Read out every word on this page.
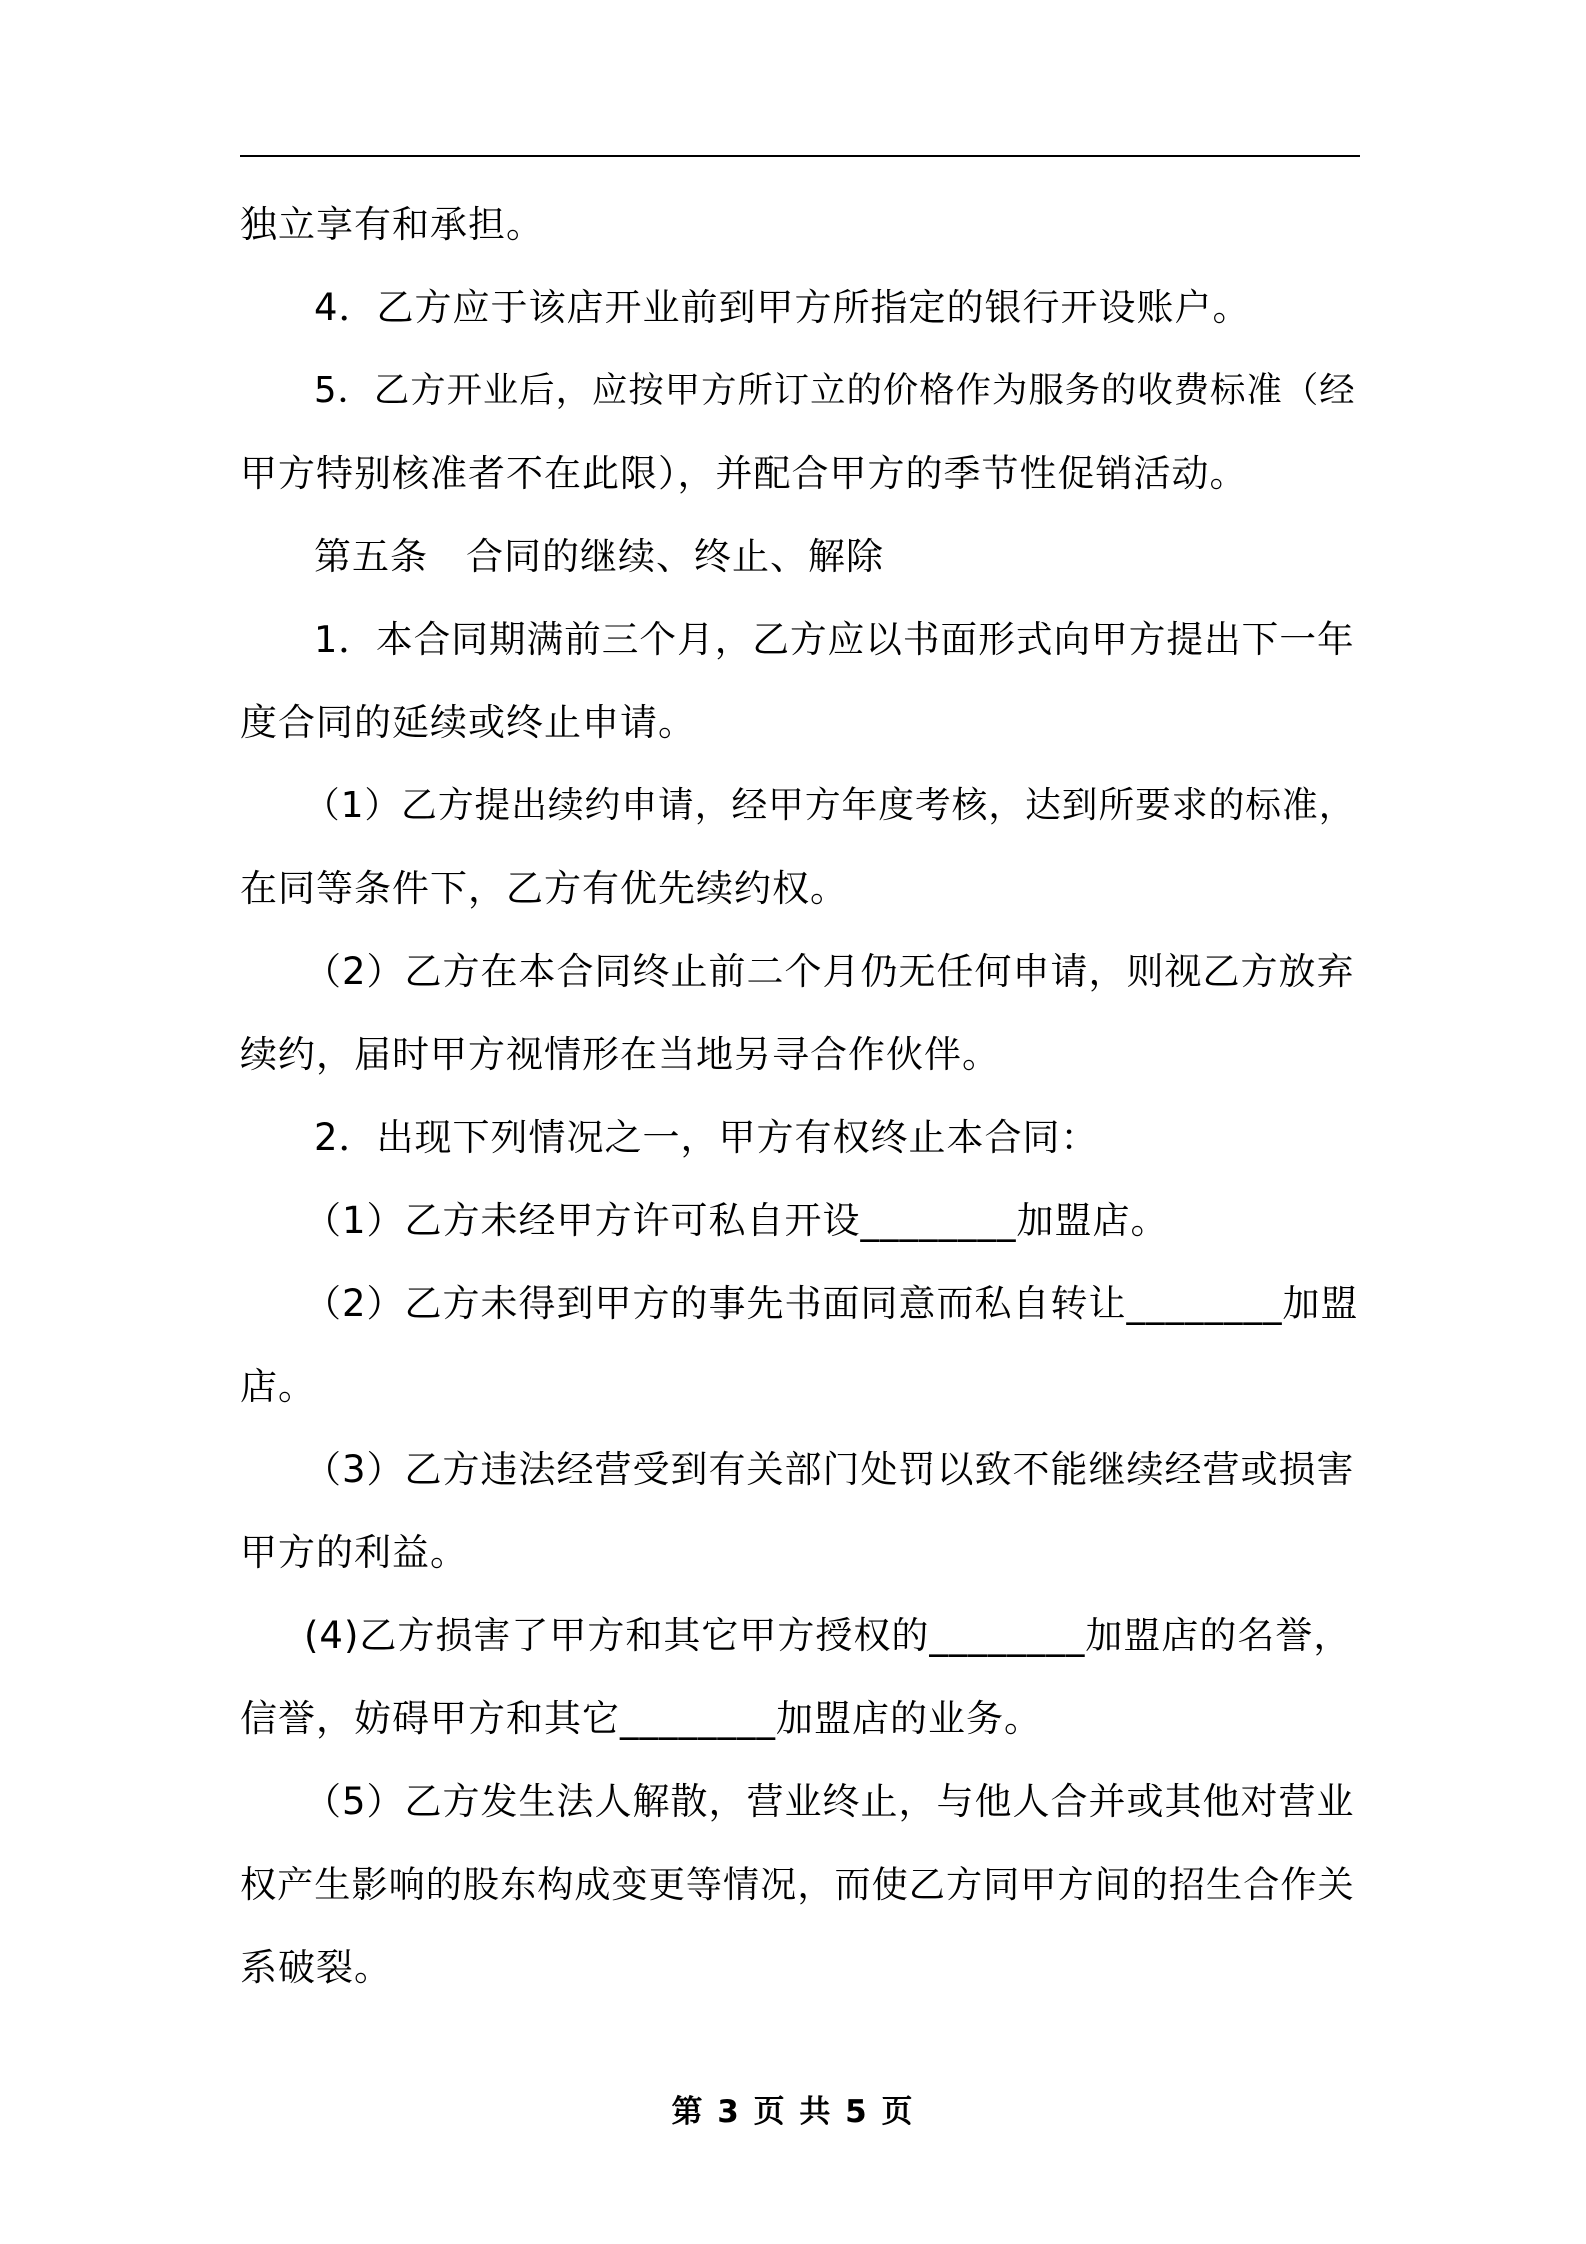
独立享有和承担。
4．乙方应于该店开业前到甲方所指定的银行开设账户。
5．乙方开业后，应按甲方所订立的价格作为服务的收费标准（经
甲方特别核准者不在此限），并配合甲方的季节性促销活动。
第五条　合同的继续、终止、解除
1．本合同期满前三个月，乙方应以书面形式向甲方提出下一年
度合同的延续或终止申请。
（1）乙方提出续约申请，经甲方年度考核，达到所要求的标准，
在同等条件下，乙方有优先续约权。
（2）乙方在本合同终止前二个月仍无任何申请，则视乙方放弃
续约，届时甲方视情形在当地另寻合作伙伴。
2．出现下列情况之一，甲方有权终止本合同：
（1）乙方未经甲方许可私自开设________加盟店。
（2）乙方未得到甲方的事先书面同意而私自转让________加盟
店。
（3）乙方违法经营受到有关部门处罚以致不能继续经营或损害
甲方的利益。
(4)乙方损害了甲方和其它甲方授权的________加盟店的名誉，
信誉，妨碍甲方和其它________加盟店的业务。
（5）乙方发生法人解散，营业终止，与他人合并或其他对营业
权产生影响的股东构成变更等情况，而使乙方同甲方间的招生合作关
系破裂。
第 3 页 共 5 页
